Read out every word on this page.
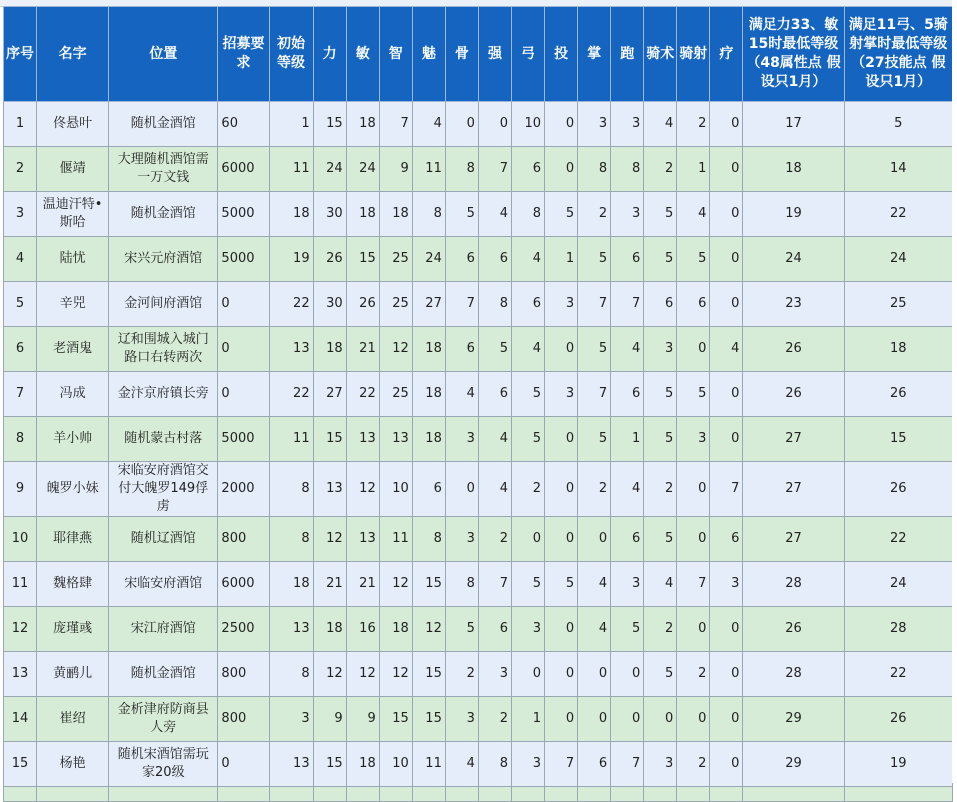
序号	名字	位置	招募要求	初始等级	力	敏	智	魅	骨	强	弓	投	掌	跑	骑术	骑射	疗	满足力33、敏15时最低等级（48属性点 假设只1月）	满足11弓、5骑射掌时最低等级（27技能点 假设只1月）
1	佟悬叶	随机金酒馆	60	1	15	18	7	4	0	0	10	0	3	3	4	2	0	17	5
2	偃靖	大理随机酒馆需一万文钱	6000	11	24	24	9	11	8	7	6	0	8	8	2	1	0	18	14
3	温迪汗特•斯哈	随机金酒馆	5000	18	30	18	18	8	5	4	8	5	2	3	5	4	0	19	22
4	陆忧	宋兴元府酒馆	5000	19	26	15	25	24	6	6	4	1	5	6	5	5	0	24	24
5	辛兕	金河间府酒馆	0	22	30	26	25	27	7	8	6	3	7	7	6	6	0	23	25
6	老酒鬼	辽和围城入城门路口右转两次	0	13	18	21	12	18	6	5	4	0	5	4	3	0	4	26	18
7	冯成	金汴京府镇长旁	0	22	27	22	25	18	4	6	5	3	7	6	5	5	0	26	26
8	羊小帅	随机蒙古村落	5000	11	15	13	13	18	3	4	5	0	5	1	5	3	0	27	15
9	魄罗小妹	宋临安府酒馆交付大魄罗149俘虏	2000	8	13	12	10	6	0	4	2	0	2	4	2	0	7	27	26
10	耶律燕	随机辽酒馆	800	8	12	13	11	8	3	2	0	0	0	6	5	0	6	27	22
11	魏格肆	宋临安府酒馆	6000	18	21	21	12	15	8	7	5	5	4	3	4	7	3	28	24
12	庞瑾彧	宋江府酒馆	2500	13	18	16	18	12	5	6	3	0	4	5	2	0	0	26	28
13	黄鹂儿	随机金酒馆	800	8	12	12	12	15	2	3	0	0	0	0	5	2	0	28	22
14	崔绍	金析津府防商县人旁	800	3	9	9	15	15	3	2	1	0	0	0	0	0	0	29	26
15	杨艳	随机宋酒馆需玩家20级	0	13	15	18	10	11	4	8	3	7	6	7	3	2	0	29	19
